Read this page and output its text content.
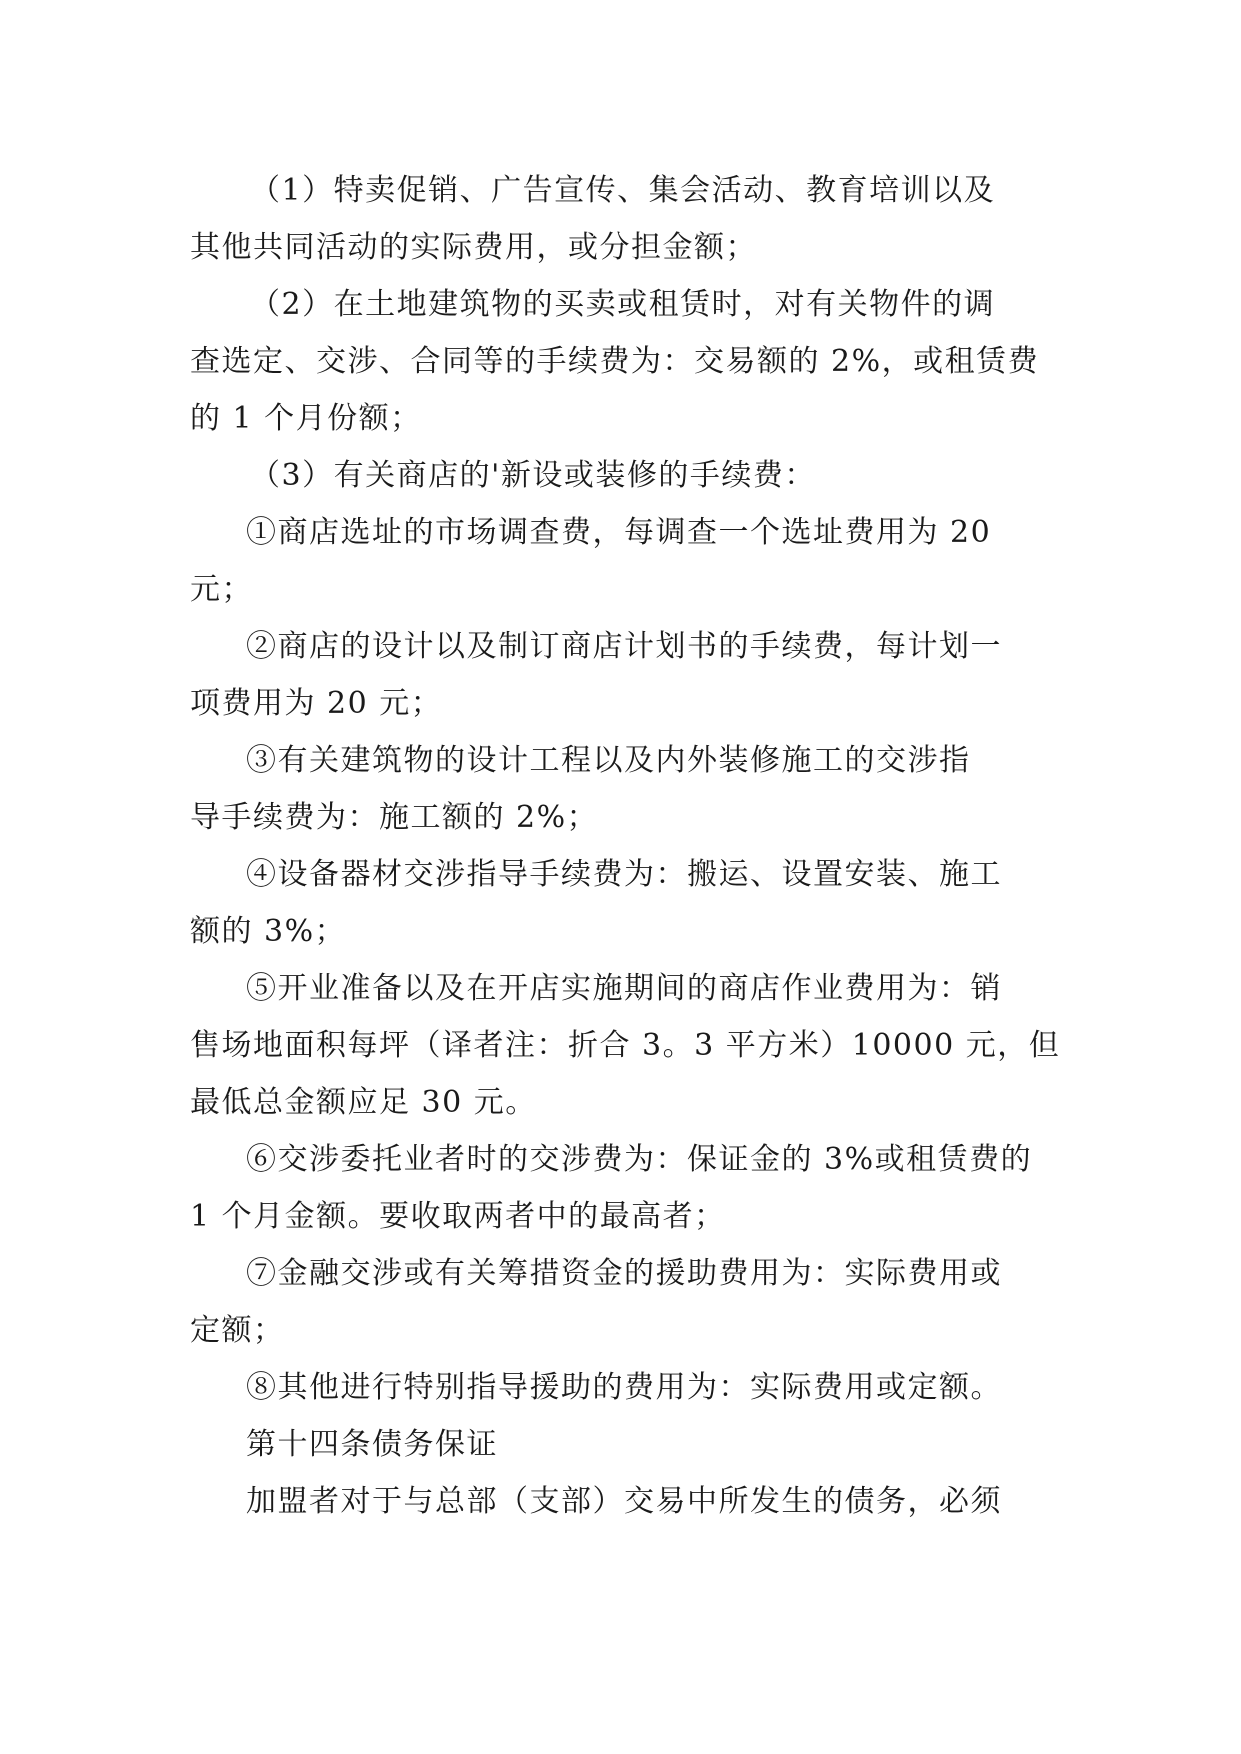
（1）特卖促销、广告宣传、集会活动、教育培训以及
其他共同活动的实际费用，或分担金额；
（2）在土地建筑物的买卖或租赁时，对有关物件的调
查选定、交涉、合同等的手续费为：交易额的 2%，或租赁费
的 1 个月份额；
（3）有关商店的'新设或装修的手续费：
①商店选址的市场调查费，每调查一个选址费用为 20
元；
②商店的设计以及制订商店计划书的手续费，每计划一
项费用为 20 元；
③有关建筑物的设计工程以及内外装修施工的交涉指
导手续费为：施工额的 2%；
④设备器材交涉指导手续费为：搬运、设置安装、施工
额的 3%；
⑤开业准备以及在开店实施期间的商店作业费用为：销
售场地面积每坪（译者注：折合 3。3 平方米）10000 元，但
最低总金额应足 30 元。
⑥交涉委托业者时的交涉费为：保证金的 3%或租赁费的
1 个月金额。要收取两者中的最高者；
⑦金融交涉或有关筹措资金的援助费用为：实际费用或
定额；
⑧其他进行特别指导援助的费用为：实际费用或定额。
第十四条债务保证
加盟者对于与总部（支部）交易中所发生的债务，必须
